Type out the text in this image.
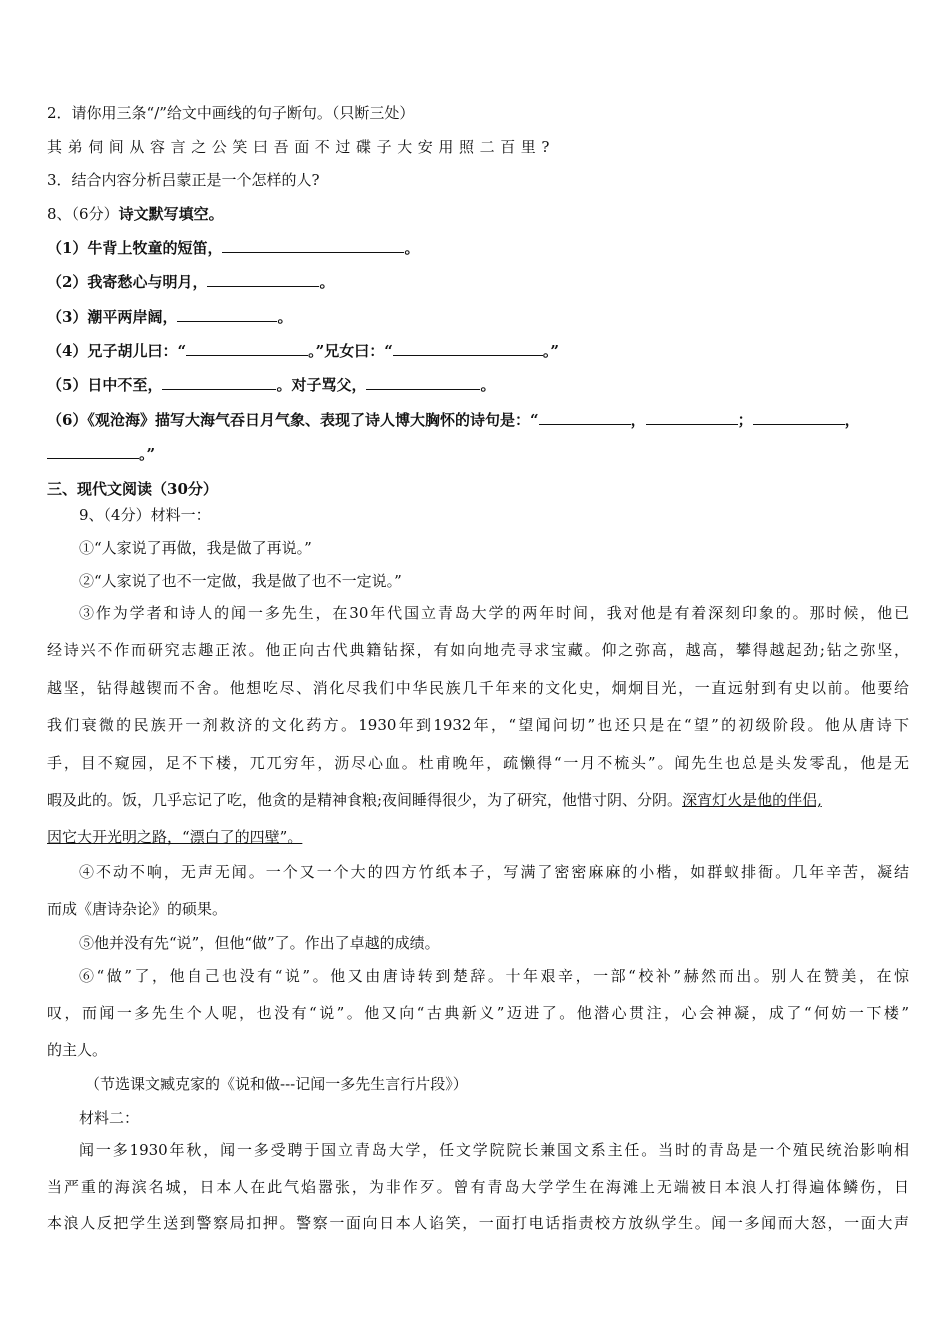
2．请你用三条“/”给文中画线的句子断句。（只断三处）
其弟伺间从容言之公笑曰吾面不过碟子大安用照二百里?
3．结合内容分析吕蒙正是一个怎样的人?
8、（6分）诗文默写填空。
（1）牛背上牧童的短笛，	。
（2）我寄愁心与明月，	。
（3）潮平两岸阔，	。
（4）兄子胡儿曰：“	。”兄女曰：“	。”
（5）日中不至，	。对子骂父，	。
（6）《观沧海》描写大海气吞日月气象、表现了诗人博大胸怀的诗句是：“	，	；	，
。”
三、现代文阅读（30分）
9、（4分）材料一：
①“人家说了再做，我是做了再说。”
②“人家说了也不一定做，我是做了也不一定说。”
③作为学者和诗人的闻一多先生，在30年代国立青岛大学的两年时间，我对他是有着深刻印象的。那时候，他已
经诗兴不作而研究志趣正浓。他正向古代典籍钻探，有如向地壳寻求宝藏。仰之弥高，越高，攀得越起劲;钻之弥坚，
越坚，钻得越锲而不舍。他想吃尽、消化尽我们中华民族几千年来的文化史，炯炯目光，一直远射到有史以前。他要给
我们衰微的民族开一剂救济的文化药方。1930年到1932年，“望闻问切”也还只是在“望”的初级阶段。他从唐诗下
手，目不窥园，足不下楼，兀兀穷年，沥尽心血。杜甫晚年，疏懒得“一月不梳头”。闻先生也总是头发零乱，他是无
暇及此的。饭，几乎忘记了吃，他贪的是精神食粮;夜间睡得很少，为了研究，他惜寸阴、分阴。深宵灯火是他的伴侣,
因它大开光明之路，“漂白了的四壁”。
④不动不响，无声无闻。一个又一个大的四方竹纸本子，写满了密密麻麻的小楷，如群蚁排衙。几年辛苦，凝结
而成《唐诗杂论》的硕果。
⑤他并没有先“说”，但他“做”了。作出了卓越的成绩。
⑥“做”了，他自己也没有“说”。他又由唐诗转到楚辞。十年艰辛，一部“校补”赫然而出。别人在赞美，在惊
叹，而闻一多先生个人呢，也没有“说”。他又向“古典新义”迈进了。他潜心贯注，心会神凝，成了“何妨一下楼”
的主人。
（节选课文臧克家的《说和做---记闻一多先生言行片段》）
材料二：
闻一多1930年秋，闻一多受聘于国立青岛大学，任文学院院长兼国文系主任。当时的青岛是一个殖民统治影响相
当严重的海滨名城，日本人在此气焰嚣张，为非作歹。曾有青岛大学学生在海滩上无端被日本浪人打得遍体鳞伤，日
本浪人反把学生送到警察局扣押。警察一面向日本人谄笑，一面打电话指责校方放纵学生。闻一多闻而大怒，一面大声
